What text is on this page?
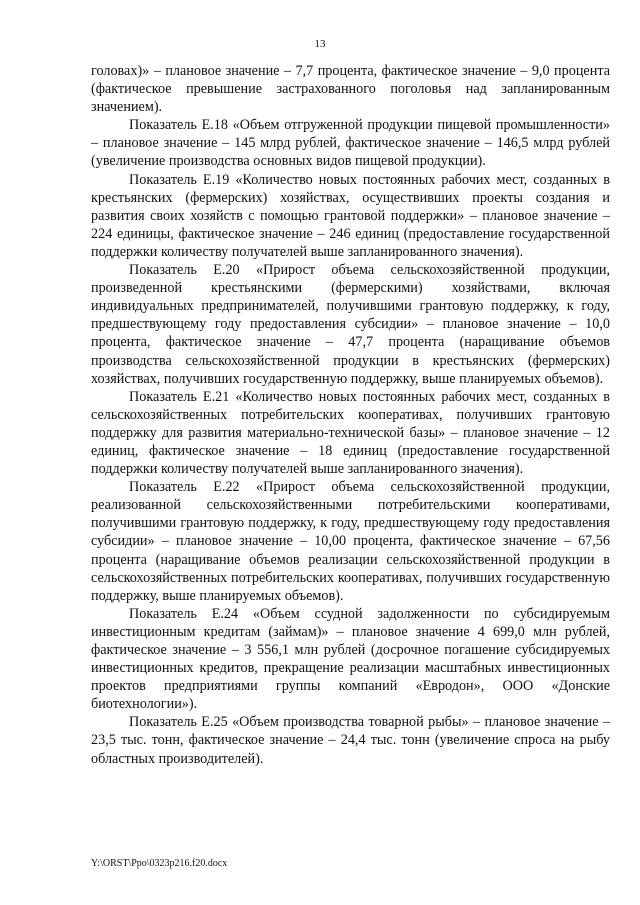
13

головах)» – плановое значение – 7,7 процента, фактическое значение – 9,0 процента (фактическое превышение застрахованного поголовья над запланированным значением).

Показатель Е.18 «Объем отгруженной продукции пищевой промышленности» – плановое значение – 145 млрд рублей, фактическое значение – 146,5 млрд рублей (увеличение производства основных видов пищевой продукции).

Показатель Е.19 «Количество новых постоянных рабочих мест, созданных в крестьянских (фермерских) хозяйствах, осуществивших проекты создания и развития своих хозяйств с помощью грантовой поддержки» – плановое значение – 224 единицы, фактическое значение – 246 единиц (предоставление государственной поддержки количеству получателей выше запланированного значения).

Показатель Е.20 «Прирост объема сельскохозяйственной продукции, произведенной крестьянскими (фермерскими) хозяйствами, включая индивидуальных предпринимателей, получившими грантовую поддержку, к году, предшествующему году предоставления субсидии» – плановое значение – 10,0 процента, фактическое значение – 47,7 процента (наращивание объемов производства сельскохозяйственной продукции в крестьянских (фермерских) хозяйствах, получивших государственную поддержку, выше планируемых объемов).

Показатель Е.21 «Количество новых постоянных рабочих мест, созданных в сельскохозяйственных потребительских кооперативах, получивших грантовую поддержку для развития материально-технической базы» – плановое значение – 12 единиц, фактическое значение – 18 единиц (предоставление государственной поддержки количеству получателей выше запланированного значения).

Показатель Е.22 «Прирост объема сельскохозяйственной продукции, реализованной сельскохозяйственными потребительскими кооперативами, получившими грантовую поддержку, к году, предшествующему году предоставления субсидии» – плановое значение – 10,00 процента, фактическое значение – 67,56 процента (наращивание объемов реализации сельскохозяйственной продукции в сельскохозяйственных потребительских кооперативах, получивших государственную поддержку, выше планируемых объемов).

Показатель Е.24 «Объем ссудной задолженности по субсидируемым инвестиционным кредитам (займам)» – плановое значение 4 699,0 млн рублей, фактическое значение – 3 556,1 млн рублей (досрочное погашение субсидируемых инвестиционных кредитов, прекращение реализации масштабных инвестиционных проектов предприятиями группы компаний «Евродон», ООО «Донские биотехнологии»).

Показатель Е.25 «Объем производства товарной рыбы» – плановое значение – 23,5 тыс. тонн, фактическое значение – 24,4 тыс. тонн (увеличение спроса на рыбу областных производителей).

Y:\ORST\Ppo\0323p216.f20.docx
